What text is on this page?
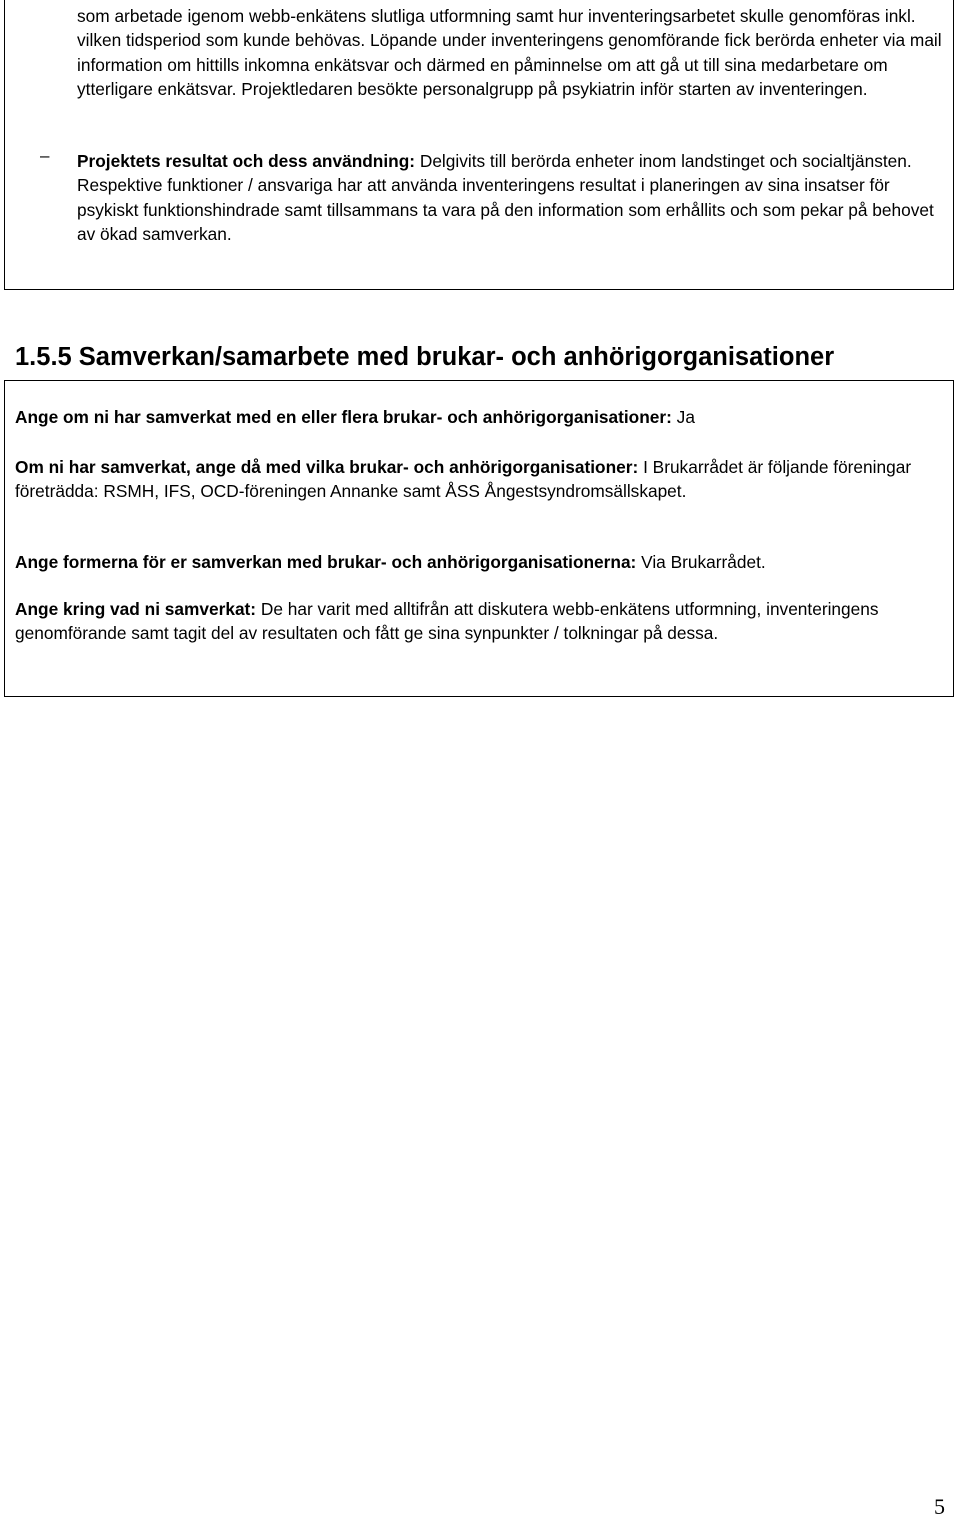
som arbetade igenom webb-enkätens slutliga utformning samt hur inventeringsarbetet skulle genomföras inkl. vilken tidsperiod som kunde behövas. Löpande under inventeringens genomförande fick berörda enheter via mail information om hittills inkomna enkätsvar och därmed en påminnelse om att gå ut till sina medarbetare om ytterligare enkätsvar. Projektledaren besökte personalgrupp på psykiatrin inför starten av inventeringen.

– Projektets resultat och dess användning: Delgivits till berörda enheter inom landstinget och socialtjänsten. Respektive funktioner / ansvariga har att använda inventeringens resultat i planeringen av sina insatser för psykiskt funktionshindrade samt tillsammans ta vara på den information som erhållits och som pekar på behovet av ökad samverkan.

1.5.5 Samverkan/samarbete med brukar- och anhörigorganisationer

Ange om ni har samverkat med en eller flera brukar- och anhörigorganisationer: Ja

Om ni har samverkat, ange då med vilka brukar- och anhörigorganisationer: I Brukarrådet är följande föreningar företrädda: RSMH, IFS, OCD-föreningen Annanke samt ÅSS Ångestsyndromsällskapet.

Ange formerna för er samverkan med brukar- och anhörigorganisationerna: Via Brukarrådet.

Ange kring vad ni samverkat: De har varit med alltifrån att diskutera webb-enkätens utformning, inventeringens genomförande samt tagit del av resultaten och fått ge sina synpunkter / tolkningar på dessa.

5
